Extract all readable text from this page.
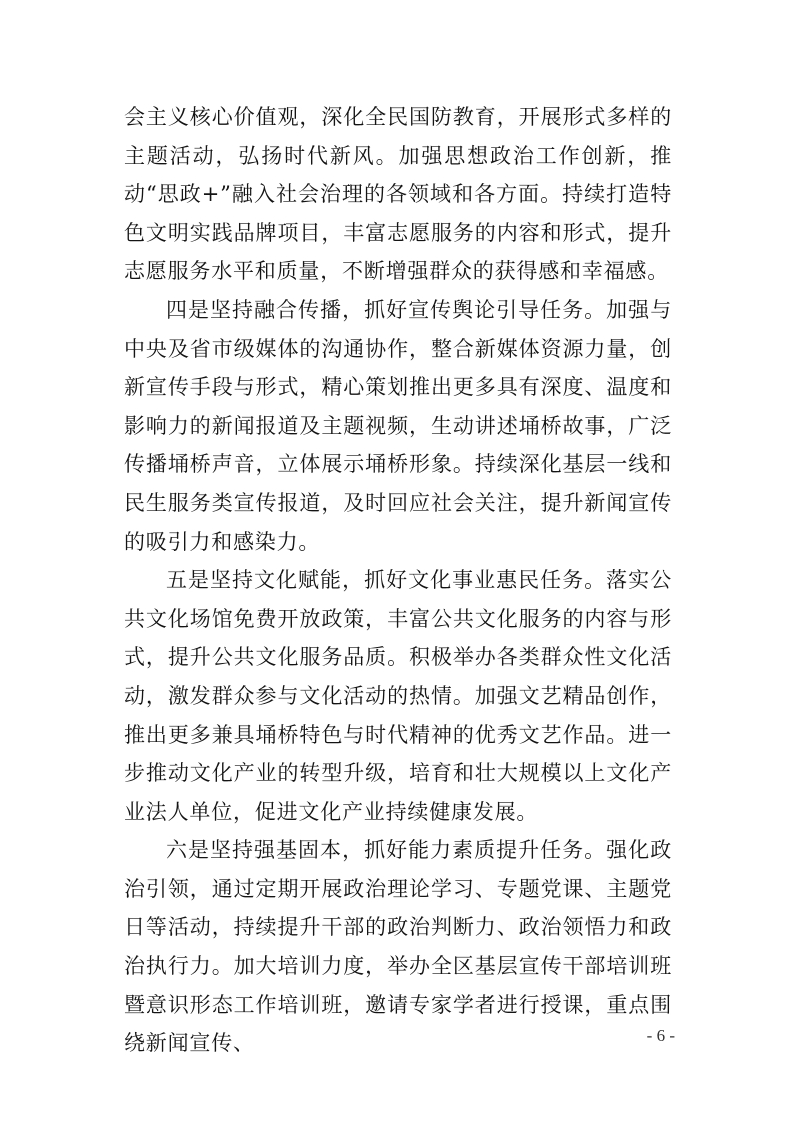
会主义核心价值观，深化全民国防教育，开展形式多样的主题活动，弘扬时代新风。加强思想政治工作创新，推动“思政+”融入社会治理的各领域和各方面。持续打造特色文明实践品牌项目，丰富志愿服务的内容和形式，提升志愿服务水平和质量，不断增强群众的获得感和幸福感。

四是坚持融合传播，抓好宣传舆论引导任务。加强与中央及省市级媒体的沟通协作，整合新媒体资源力量，创新宣传手段与形式，精心策划推出更多具有深度、温度和影响力的新闻报道及主题视频，生动讲述埇桥故事，广泛传播埇桥声音，立体展示埇桥形象。持续深化基层一线和民生服务类宣传报道，及时回应社会关注，提升新闻宣传的吸引力和感染力。

五是坚持文化赋能，抓好文化事业惠民任务。落实公共文化场馆免费开放政策，丰富公共文化服务的内容与形式，提升公共文化服务品质。积极举办各类群众性文化活动，激发群众参与文化活动的热情。加强文艺精品创作，推出更多兼具埇桥特色与时代精神的优秀文艺作品。进一步推动文化产业的转型升级，培育和壮大规模以上文化产业法人单位，促进文化产业持续健康发展。

六是坚持强基固本，抓好能力素质提升任务。强化政治引领，通过定期开展政治理论学习、专题党课、主题党日等活动，持续提升干部的政治判断力、政治领悟力和政治执行力。加大培训力度，举办全区基层宣传干部培训班暨意识形态工作培训班，邀请专家学者进行授课，重点围绕新闻宣传、	- 6 -
